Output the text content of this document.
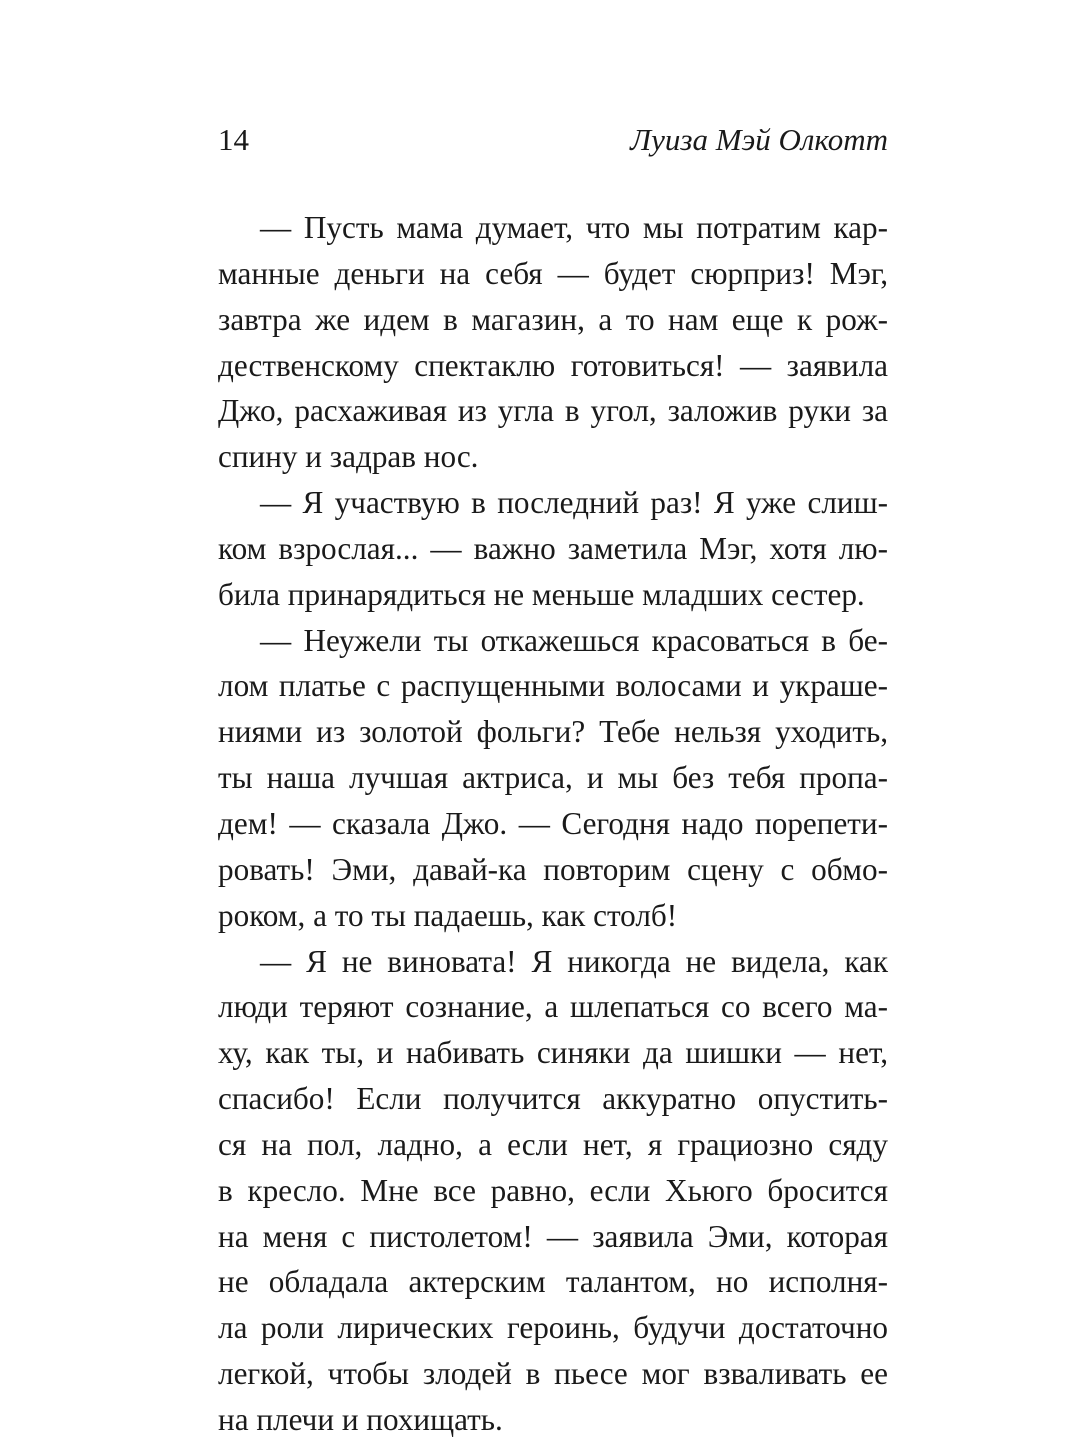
14	Луиза Мэй Олкотт
— Пусть мама думает, что мы потратим кар-
манные деньги на себя — будет сюрприз! Мэг,
завтра же идем в магазин, а то нам еще к рож-
дественскому спектаклю готовиться! — заявила
Джо, расхаживая из угла в угол, заложив руки за
спину и задрав нос.
— Я участвую в последний раз! Я уже слиш-
ком взрослая... — важно заметила Мэг, хотя лю-
била принарядиться не меньше младших сестер.
— Неужели ты откажешься красоваться в бе-
лом платье с распущенными волосами и украше-
ниями из золотой фольги? Тебе нельзя уходить,
ты наша лучшая актриса, и мы без тебя пропа-
дем! — сказала Джо. — Сегодня надо порепети-
ровать! Эми, давай-ка повторим сцену с обмо-
роком, а то ты падаешь, как столб!
— Я не виновата! Я никогда не видела, как
люди теряют сознание, а шлепаться со всего ма-
ху, как ты, и набивать синяки да шишки — нет,
спасибо! Если получится аккуратно опустить-
ся на пол, ладно, а если нет, я грациозно сяду
в кресло. Мне все равно, если Хьюго бросится
на меня с пистолетом! — заявила Эми, которая
не обладала актерским талантом, но исполня-
ла роли лирических героинь, будучи достаточно
легкой, чтобы злодей в пьесе мог взваливать ее
на плечи и похищать.
